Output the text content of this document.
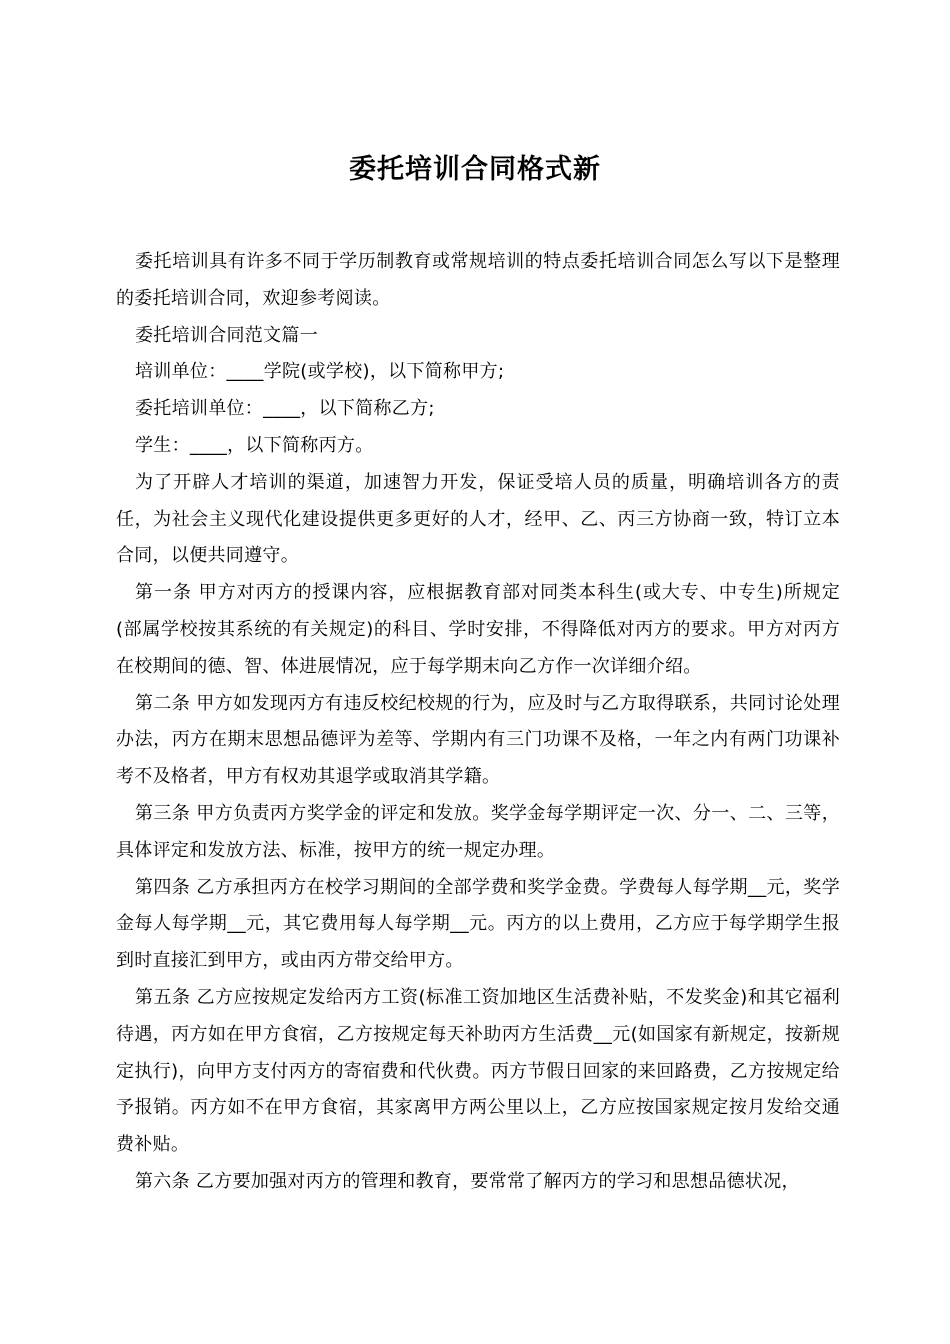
委托培训合同格式新

委托培训具有许多不同于学历制教育或常规培训的特点委托培训合同怎么写以下是整理的委托培训合同，欢迎参考阅读。

委托培训合同范文篇一

培训单位：____学院(或学校)，以下简称甲方;

委托培训单位：____，以下简称乙方;

学生：____，以下简称丙方。

为了开辟人才培训的渠道，加速智力开发，保证受培人员的质量，明确培训各方的责任，为社会主义现代化建设提供更多更好的人才，经甲、乙、丙三方协商一致，特订立本合同，以便共同遵守。

第一条 甲方对丙方的授课内容，应根据教育部对同类本科生(或大专、中专生)所规定(部属学校按其系统的有关规定)的科目、学时安排，不得降低对丙方的要求。甲方对丙方在校期间的德、智、体进展情况，应于每学期末向乙方作一次详细介绍。

第二条 甲方如发现丙方有违反校纪校规的行为，应及时与乙方取得联系，共同讨论处理办法，丙方在期末思想品德评为差等、学期内有三门功课不及格，一年之内有两门功课补考不及格者，甲方有权劝其退学或取消其学籍。

第三条 甲方负责丙方奖学金的评定和发放。奖学金每学期评定一次、分一、二、三等，具体评定和发放方法、标准，按甲方的统一规定办理。

第四条 乙方承担丙方在校学习期间的全部学费和奖学金费。学费每人每学期__元，奖学金每人每学期__元，其它费用每人每学期__元。丙方的以上费用，乙方应于每学期学生报到时直接汇到甲方，或由丙方带交给甲方。

第五条 乙方应按规定发给丙方工资(标准工资加地区生活费补贴，不发奖金)和其它福利待遇，丙方如在甲方食宿，乙方按规定每天补助丙方生活费__元(如国家有新规定，按新规定执行)，向甲方支付丙方的寄宿费和代伙费。丙方节假日回家的来回路费，乙方按规定给予报销。丙方如不在甲方食宿，其家离甲方两公里以上，乙方应按国家规定按月发给交通费补贴。

第六条 乙方要加强对丙方的管理和教育，要常常了解丙方的学习和思想品德状况，
